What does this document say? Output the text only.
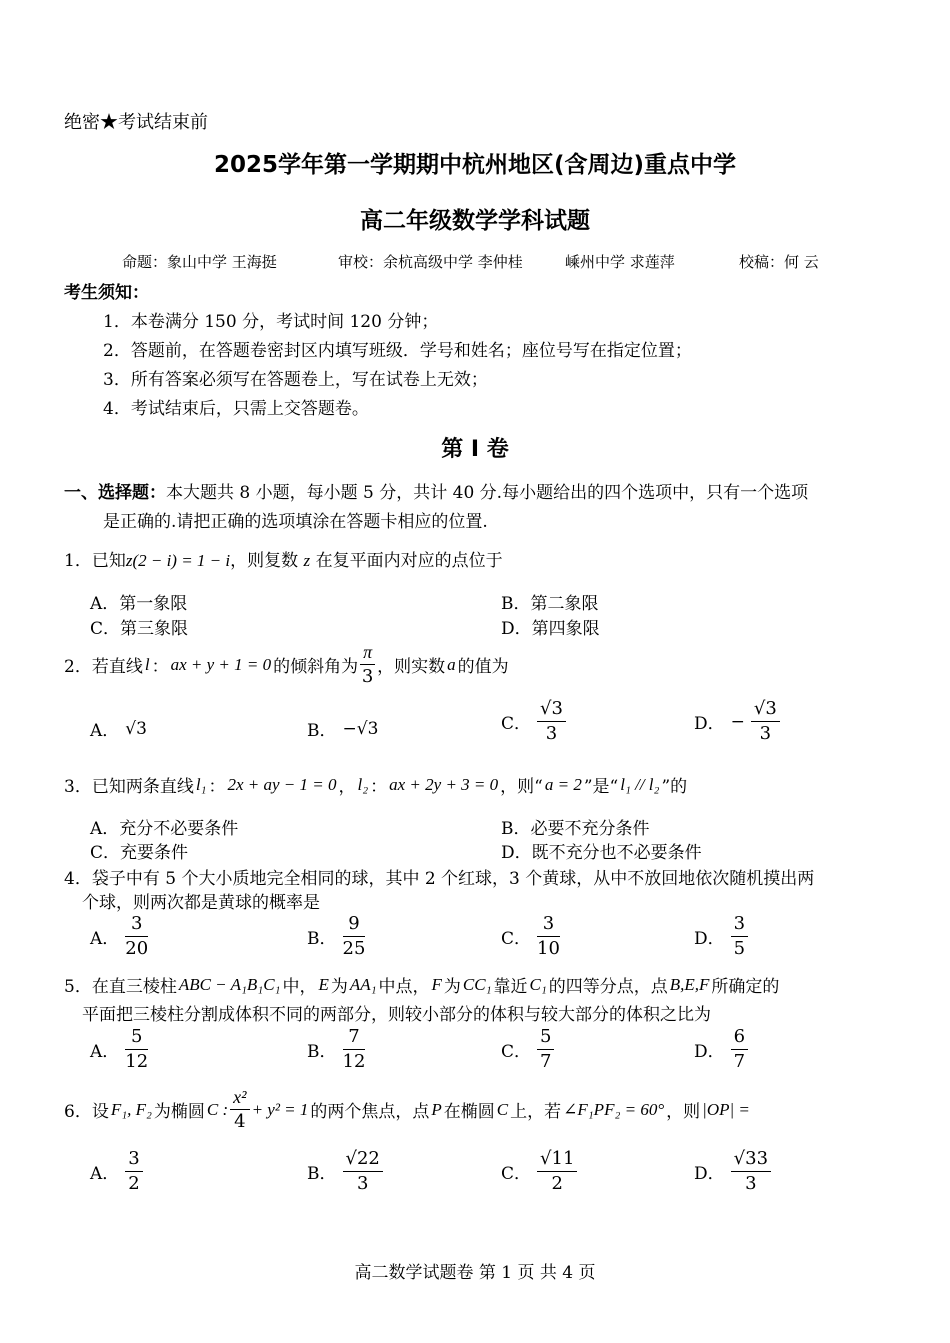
绝密★考试结束前
2025学年第一学期期中杭州地区(含周边)重点中学
高二年级数学学科试题
命题：象山中学 王海挺	审校：余杭高级中学 李仲桂	嵊州中学 求莲萍	校稿：何 云
考生须知：
1．本卷满分 150 分，考试时间 120 分钟；
2．答题前，在答题卷密封区内填写班级．学号和姓名；座位号写在指定位置；
3．所有答案必须写在答题卷上，写在试卷上无效；
4．考试结束后，只需上交答题卷。
第 I 卷
一、选择题：本大题共 8 小题，每小题 5 分，共计 40 分.每小题给出的四个选项中，只有一个选项
是正确的.请把正确的选项填涂在答题卡相应的位置.
1．已知z(2 − i) = 1 − i，则复数 z 在复平面内对应的点位于
A．第一象限	B．第二象限
C．第三象限	D．第四象限
2．若直线 l ： ax + y + 1 = 0 的倾斜角为 $\frac{\pi}{3}$ ，则实数 a 的值为
A． √3	B． −√3	C． $\frac{√3}{3}$	D． − $\frac{√3}{3}$
3．已知两条直线 l₁ ： 2x + ay − 1 = 0 ， l₂ ： ax + 2y + 3 = 0 ，则“ a = 2 ”是“ l₁ // l₂ ”的
A．充分不必要条件	B．必要不充分条件
C．充要条件	D．既不充分也不必要条件
4．袋子中有 5 个大小质地完全相同的球，其中 2 个红球，3 个黄球，从中不放回地依次随机摸出两
个球，则两次都是黄球的概率是
A． $\frac{3}{20}$	B． $\frac{9}{25}$	C． $\frac{3}{10}$	D． $\frac{3}{5}$
5．在直三棱柱 ABC − A₁B₁C₁ 中， E 为 AA₁ 中点， F 为 CC₁ 靠近 C₁ 的四等分点，点 B,E,F 所确定的
平面把三棱柱分割成体积不同的两部分，则较小部分的体积与较大部分的体积之比为
A． $\frac{5}{12}$	B． $\frac{7}{12}$	C． $\frac{5}{7}$	D． $\frac{6}{7}$
6．设 F₁, F₂ 为椭圆 C : $\frac{\text{x²}}{4} + y^2 = 1$ 的两个焦点，点 P 在椭圆 C 上，若 ∠F₁PF₂ = 60° ，则 |OP| =
A． $\frac{3}{2}$	B． $\frac{√22}{3}$	C． $\frac{√11}{2}$	D． $\frac{√33}{3}$
高二数学试题卷 第 1 页 共 4 页
